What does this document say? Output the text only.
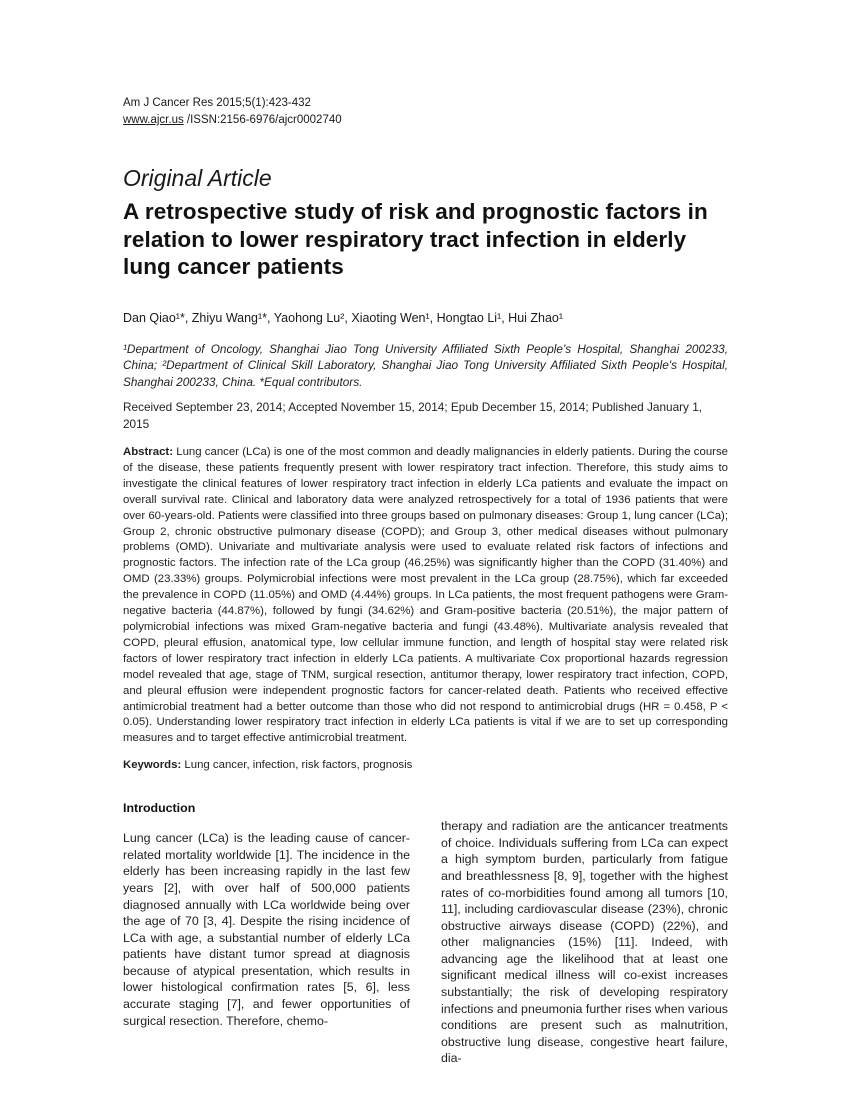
Am J Cancer Res 2015;5(1):423-432
www.ajcr.us /ISSN:2156-6976/ajcr0002740
Original Article
A retrospective study of risk and prognostic factors in relation to lower respiratory tract infection in elderly lung cancer patients
Dan Qiao¹*, Zhiyu Wang¹*, Yaohong Lu², Xiaoting Wen¹, Hongtao Li¹, Hui Zhao¹
¹Department of Oncology, Shanghai Jiao Tong University Affiliated Sixth People's Hospital, Shanghai 200233, China; ²Department of Clinical Skill Laboratory, Shanghai Jiao Tong University Affiliated Sixth People's Hospital, Shanghai 200233, China. *Equal contributors.
Received September 23, 2014; Accepted November 15, 2014; Epub December 15, 2014; Published January 1, 2015

Abstract: Lung cancer (LCa) is one of the most common and deadly malignancies in elderly patients. During the course of the disease, these patients frequently present with lower respiratory tract infection. Therefore, this study aims to investigate the clinical features of lower respiratory tract infection in elderly LCa patients and evaluate the impact on overall survival rate. Clinical and laboratory data were analyzed retrospectively for a total of 1936 patients that were over 60-years-old. Patients were classified into three groups based on pulmonary diseases: Group 1, lung cancer (LCa); Group 2, chronic obstructive pulmonary disease (COPD); and Group 3, other medical diseases without pulmonary problems (OMD). Univariate and multivariate analysis were used to evaluate related risk factors of infections and prognostic factors. The infection rate of the LCa group (46.25%) was significantly higher than the COPD (31.40%) and OMD (23.33%) groups. Polymicrobial infections were most prevalent in the LCa group (28.75%), which far exceeded the prevalence in COPD (11.05%) and OMD (4.44%) groups. In LCa patients, the most frequent pathogens were Gram-negative bacteria (44.87%), followed by fungi (34.62%) and Gram-positive bacteria (20.51%), the major pattern of polymicrobial infections was mixed Gram-negative bacteria and fungi (43.48%). Multivariate analysis revealed that COPD, pleural effusion, anatomical type, low cellular immune function, and length of hospital stay were related risk factors of lower respiratory tract infection in elderly LCa patients. A multivariate Cox proportional hazards regression model revealed that age, stage of TNM, surgical resection, antitumor therapy, lower respiratory tract infection, COPD, and pleural effusion were independent prognostic factors for cancer-related death. Patients who received effective antimicrobial treatment had a better outcome than those who did not respond to antimicrobial drugs (HR = 0.458, P < 0.05). Understanding lower respiratory tract infection in elderly LCa patients is vital if we are to set up corresponding measures and to target effective antimicrobial treatment.

Keywords: Lung cancer, infection, risk factors, prognosis

Introduction

Lung cancer (LCa) is the leading cause of cancer-related mortality worldwide [1]. The incidence in the elderly has been increasing rapidly in the last few years [2], with over half of 500,000 patients diagnosed annually with LCa worldwide being over the age of 70 [3, 4]. Despite the rising incidence of LCa with age, a substantial number of elderly LCa patients have distant tumor spread at diagnosis because of atypical presentation, which results in lower histological confirmation rates [5, 6], less accurate staging [7], and fewer opportunities of surgical resection. Therefore, chemo-

therapy and radiation are the anticancer treatments of choice. Individuals suffering from LCa can expect a high symptom burden, particularly from fatigue and breathlessness [8, 9], together with the highest rates of co-morbidities found among all tumors [10, 11], including cardiovascular disease (23%), chronic obstructive airways disease (COPD) (22%), and other malignancies (15%) [11]. Indeed, with advancing age the likelihood that at least one significant medical illness will co-exist increases substantially; the risk of developing respiratory infections and pneumonia further rises when various conditions are present such as malnutrition, obstructive lung disease, congestive heart failure, dia-
